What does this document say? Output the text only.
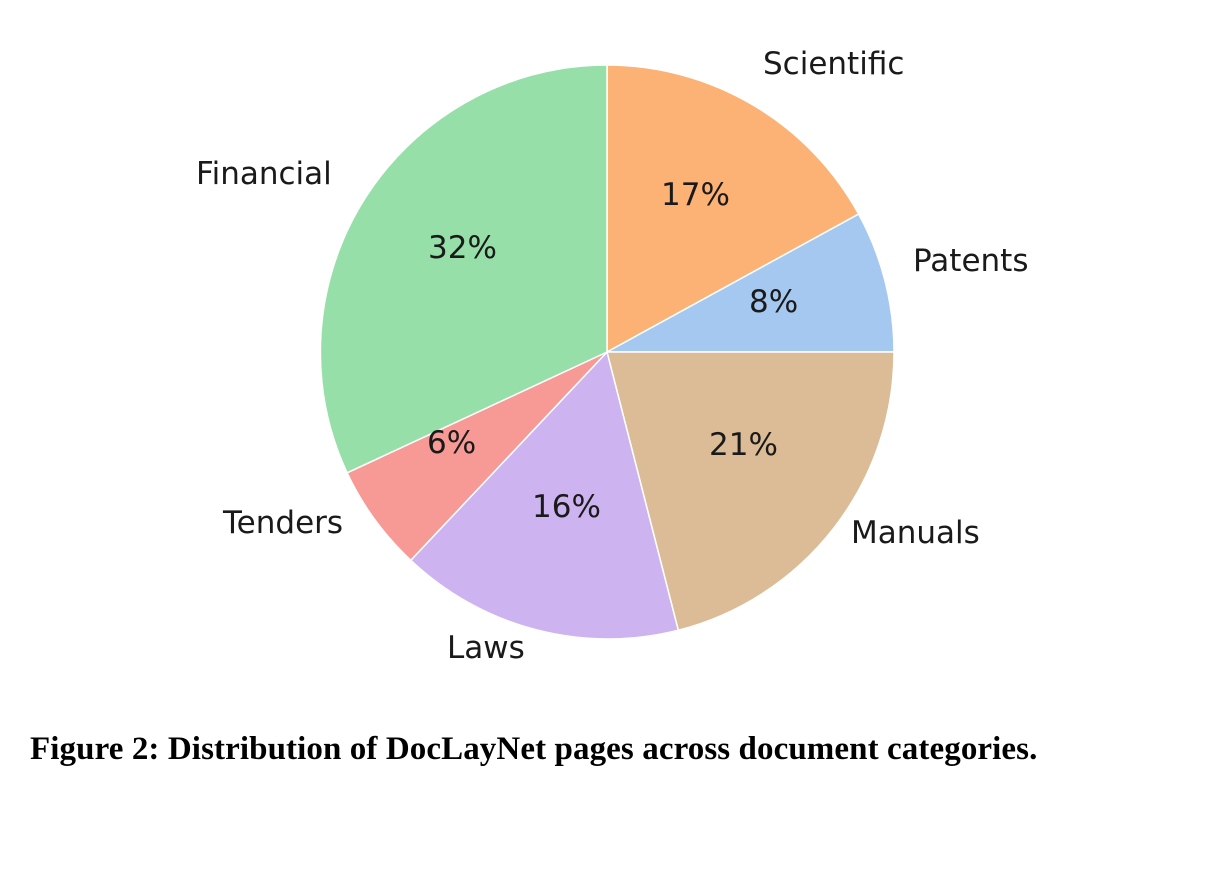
Scientific
Patents
Manuals
Laws
Tenders
Financial
17%
8%
21%
16%
6%
32%
Figure 2: Distribution of DocLayNet pages across document categories.
